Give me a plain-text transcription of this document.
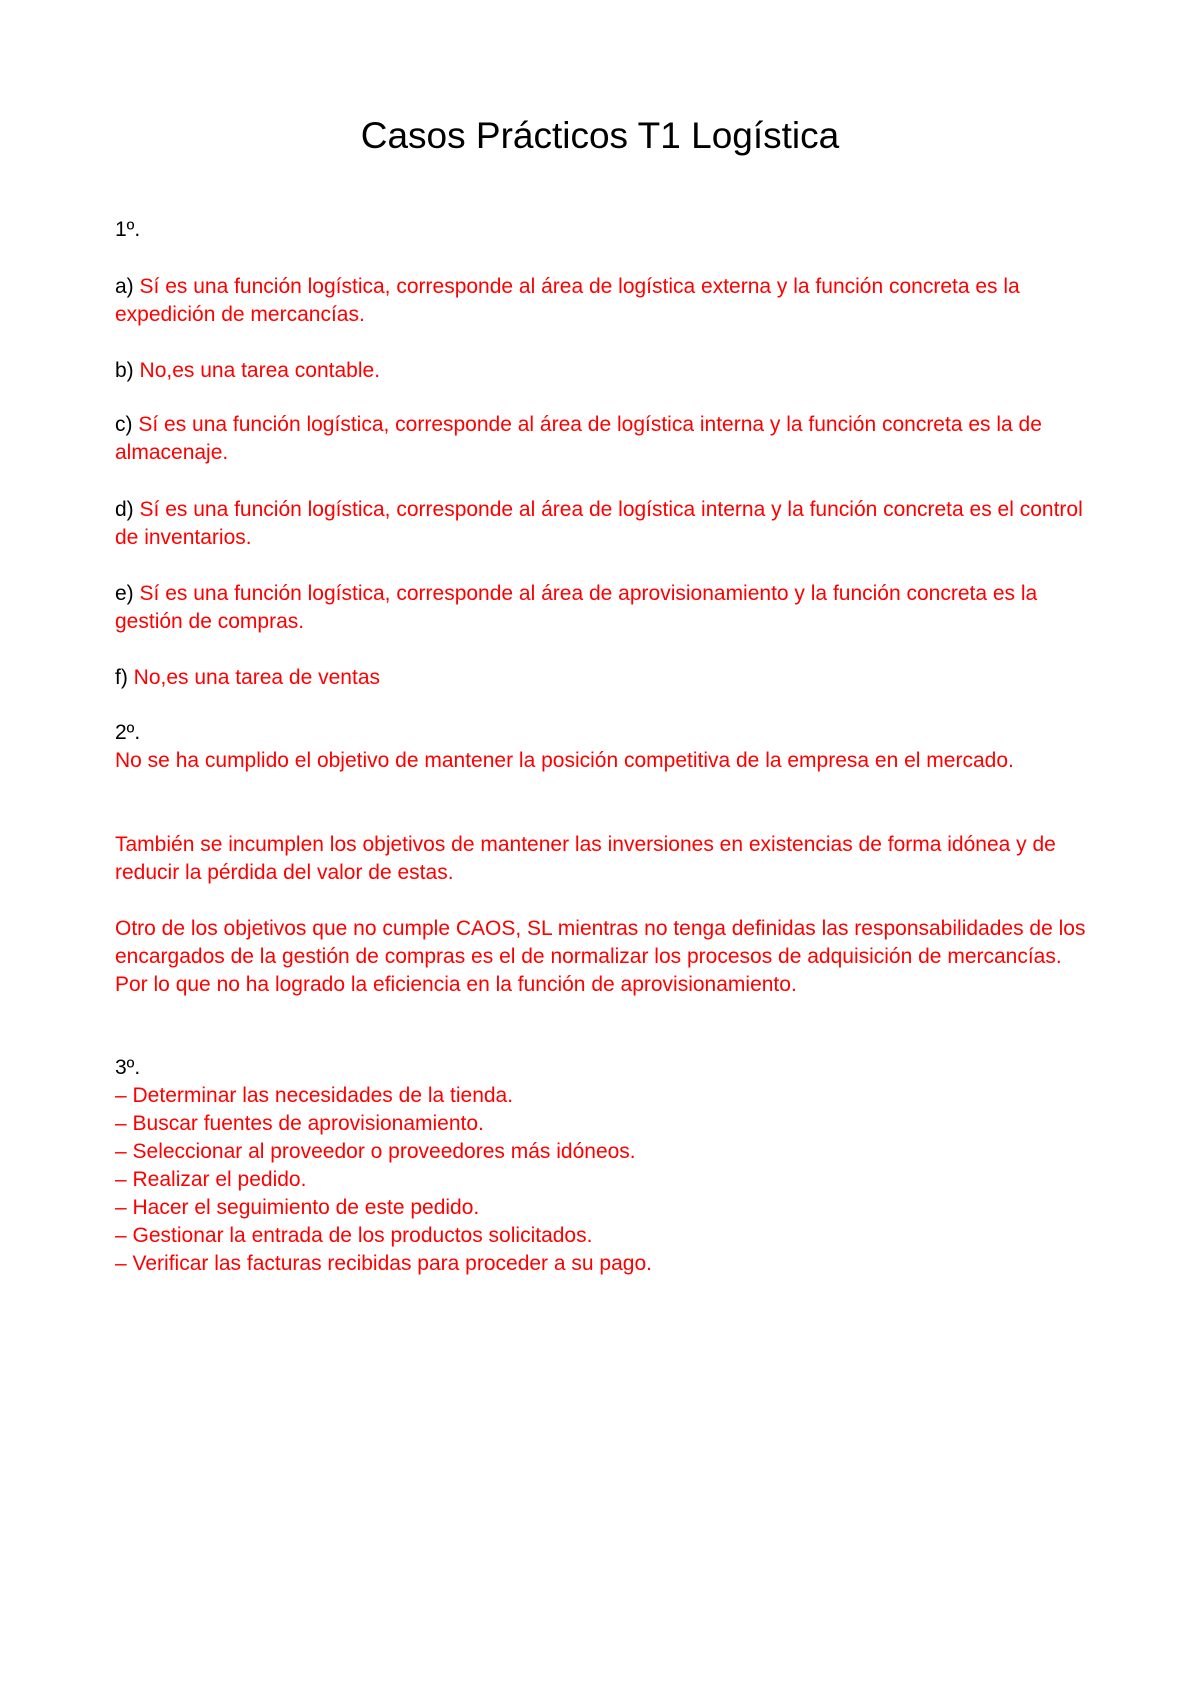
Casos Prácticos T1 Logística

1º.

a) Sí es una función logística, corresponde al área de logística externa y la función concreta es la expedición de mercancías.

b) No,es una tarea contable.

c) Sí es una función logística, corresponde al área de logística interna y la función concreta es la de almacenaje.

d) Sí es una función logística, corresponde al área de logística interna y la función concreta es el control de inventarios.

e) Sí es una función logística, corresponde al área de aprovisionamiento y la función concreta es la gestión de compras.

f) No,es una tarea de ventas

2º.

No se ha cumplido el objetivo de mantener la posición competitiva de la empresa en el mercado.

También se incumplen los objetivos de mantener las inversiones en existencias de forma idónea y de reducir la pérdida del valor de estas.

Otro de los objetivos que no cumple CAOS, SL mientras no tenga definidas las responsabilidades de los encargados de la gestión de compras es el de normalizar los procesos de adquisición de mercancías. Por lo que no ha logrado la eficiencia en la función de aprovisionamiento.

3º.

– Determinar las necesidades de la tienda.
– Buscar fuentes de aprovisionamiento.
– Seleccionar al proveedor o proveedores más idóneos.
– Realizar el pedido.
– Hacer el seguimiento de este pedido.
– Gestionar la entrada de los productos solicitados.
– Verificar las facturas recibidas para proceder a su pago.
